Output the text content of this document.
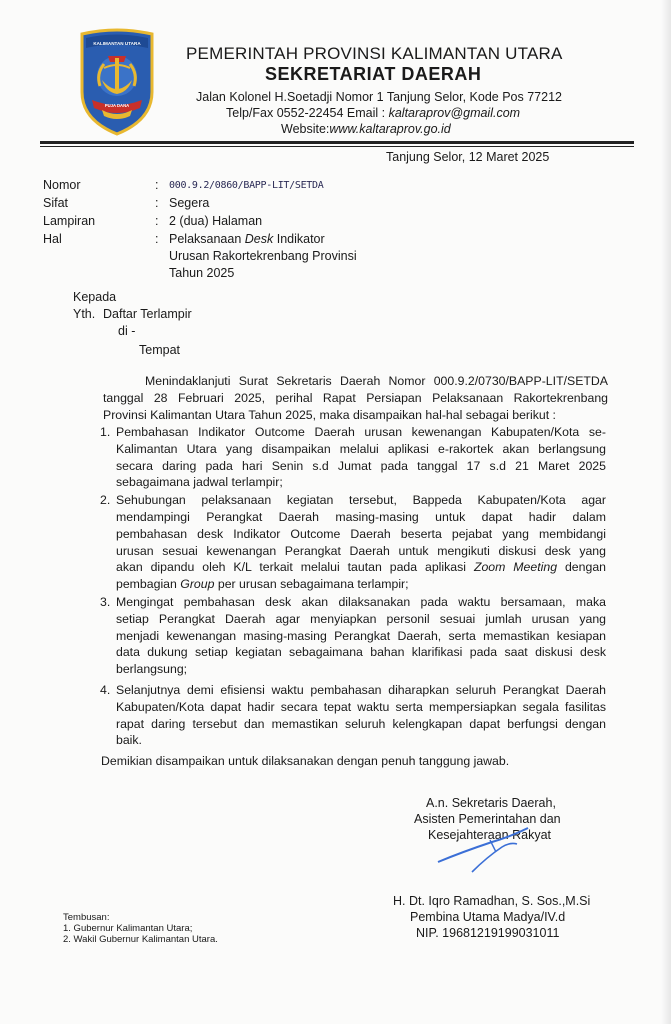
KALIMANTAN UTARA
PUJA DANA
PEMERINTAH PROVINSI KALIMANTAN UTARA
SEKRETARIAT DAERAH
Jalan Kolonel H.Soetadji Nomor 1 Tanjung Selor, Kode Pos 77212
Telp/Fax 0552-22454 Email : kaltaraprov@gmail.com
Website:www.kaltaraprov.go.id
Tanjung Selor, 12 Maret 2025
Nomor	: 000.9.2/0860/BAPP-LIT/SETDA
Sifat	: Segera
Lampiran	: 2 (dua) Halaman
Hal	: Pelaksanaan Desk Indikator
Urusan Rakortekrenbang Provinsi
Tahun 2025
Kepada
Yth. Daftar Terlampir
di -
Tempat
Menindaklanjuti Surat Sekretaris Daerah Nomor 000.9.2/0730/BAPP-LIT/SETDA
tanggal 28 Februari 2025, perihal Rapat Persiapan Pelaksanaan Rakortekrenbang
Provinsi Kalimantan Utara Tahun 2025, maka disampaikan hal-hal sebagai berikut :
1. Pembahasan Indikator Outcome Daerah urusan kewenangan Kabupaten/Kota se-
Kalimantan Utara yang disampaikan melalui aplikasi e-rakortek akan berlangsung
secara daring pada hari Senin s.d Jumat pada tanggal 17 s.d 21 Maret 2025
sebagaimana jadwal terlampir;
2. Sehubungan pelaksanaan kegiatan tersebut, Bappeda Kabupaten/Kota agar
mendampingi Perangkat Daerah masing-masing untuk dapat hadir dalam
pembahasan desk Indikator Outcome Daerah beserta pejabat yang membidangi
urusan sesuai kewenangan Perangkat Daerah untuk mengikuti diskusi desk yang
akan dipandu oleh K/L terkait melalui tautan pada aplikasi Zoom Meeting dengan
pembagian Group per urusan sebagaimana terlampir;
3. Mengingat pembahasan desk akan dilaksanakan pada waktu bersamaan, maka
setiap Perangkat Daerah agar menyiapkan personil sesuai jumlah urusan yang
menjadi kewenangan masing-masing Perangkat Daerah, serta memastikan kesiapan
data dukung setiap kegiatan sebagaimana bahan klarifikasi pada saat diskusi desk
berlangsung;
4. Selanjutnya demi efisiensi waktu pembahasan diharapkan seluruh Perangkat Daerah
Kabupaten/Kota dapat hadir secara tepat waktu serta mempersiapkan segala fasilitas
rapat daring tersebut dan memastikan seluruh kelengkapan dapat berfungsi dengan
baik.
Demikian disampaikan untuk dilaksanakan dengan penuh tanggung jawab.
A.n. Sekretaris Daerah,
Asisten Pemerintahan dan
Kesejahteraan Rakyat
H. Dt. Iqro Ramadhan, S. Sos.,M.Si
Pembina Utama Madya/IV.d
NIP. 19681219199031011
Tembusan:
1. Gubernur Kalimantan Utara;
2. Wakil Gubernur Kalimantan Utara.
